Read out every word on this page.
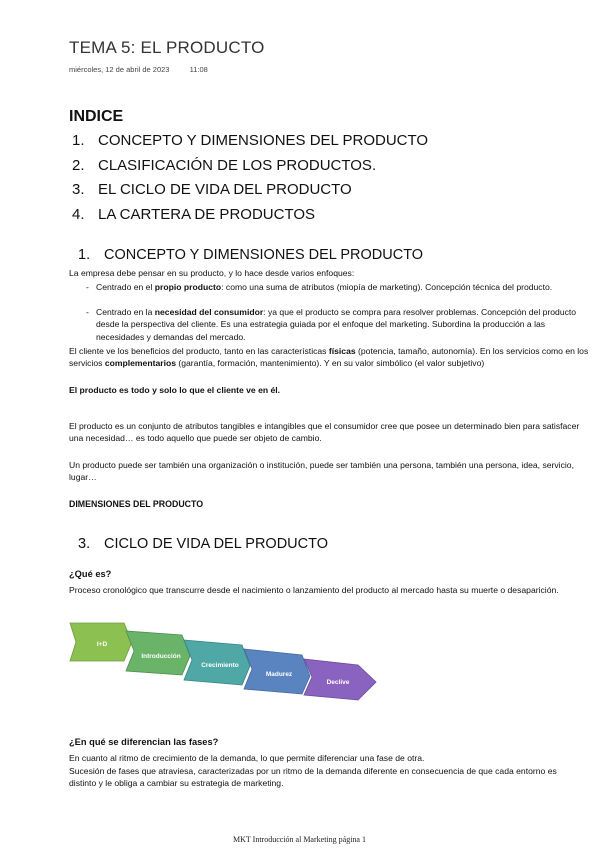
TEMA 5: EL PRODUCTO
miércoles, 12 de abril de 2023	11:08
INDICE
1. CONCEPTO Y DIMENSIONES DEL PRODUCTO
2. CLASIFICACIÓN DE LOS PRODUCTOS.
3. EL CICLO DE VIDA DEL PRODUCTO
4. LA CARTERA DE PRODUCTOS
1. CONCEPTO Y DIMENSIONES DEL PRODUCTO
La empresa debe pensar en su producto, y lo hace desde varios enfoques:
- Centrado en el propio producto: como una suma de atributos (miopía de marketing). Concepción técnica del producto.
- Centrado en la necesidad del consumidor: ya que el producto se compra para resolver problemas. Concepción del producto desde la perspectiva del cliente. Es una estrategia guiada por el enfoque del marketing. Subordina la producción a las necesidades y demandas del mercado.
El cliente ve los beneficios del producto, tanto en las características físicas (potencia, tamaño, autonomía). En los servicios como en los servicios complementarios (garantía, formación, mantenimiento). Y en su valor simbólico (el valor subjetivo)
El producto es todo y solo lo que el cliente ve en él.
El producto es un conjunto de atributos tangibles e intangibles que el consumidor cree que posee un determinado bien para satisfacer una necesidad… es todo aquello que puede ser objeto de cambio.
Un producto puede ser también una organización o institución, puede ser también una persona, también una persona, idea, servicio, lugar…
DIMENSIONES DEL PRODUCTO
3. CICLO DE VIDA DEL PRODUCTO
¿Qué es?
Proceso cronológico que transcurre desde el nacimiento o lanzamiento del producto al mercado hasta su muerte o desaparición.
I+D
Introducción
Crecimiento
Madurez
Declive
¿En qué se diferencian las fases?
En cuanto al ritmo de crecimiento de la demanda, lo que permite diferenciar una fase de otra.
Sucesión de fases que atraviesa, caracterizadas por un ritmo de la demanda diferente en consecuencia de que cada entorno es distinto y le obliga a cambiar su estrategia de marketing.
MKT Introducción al Marketing página 1
